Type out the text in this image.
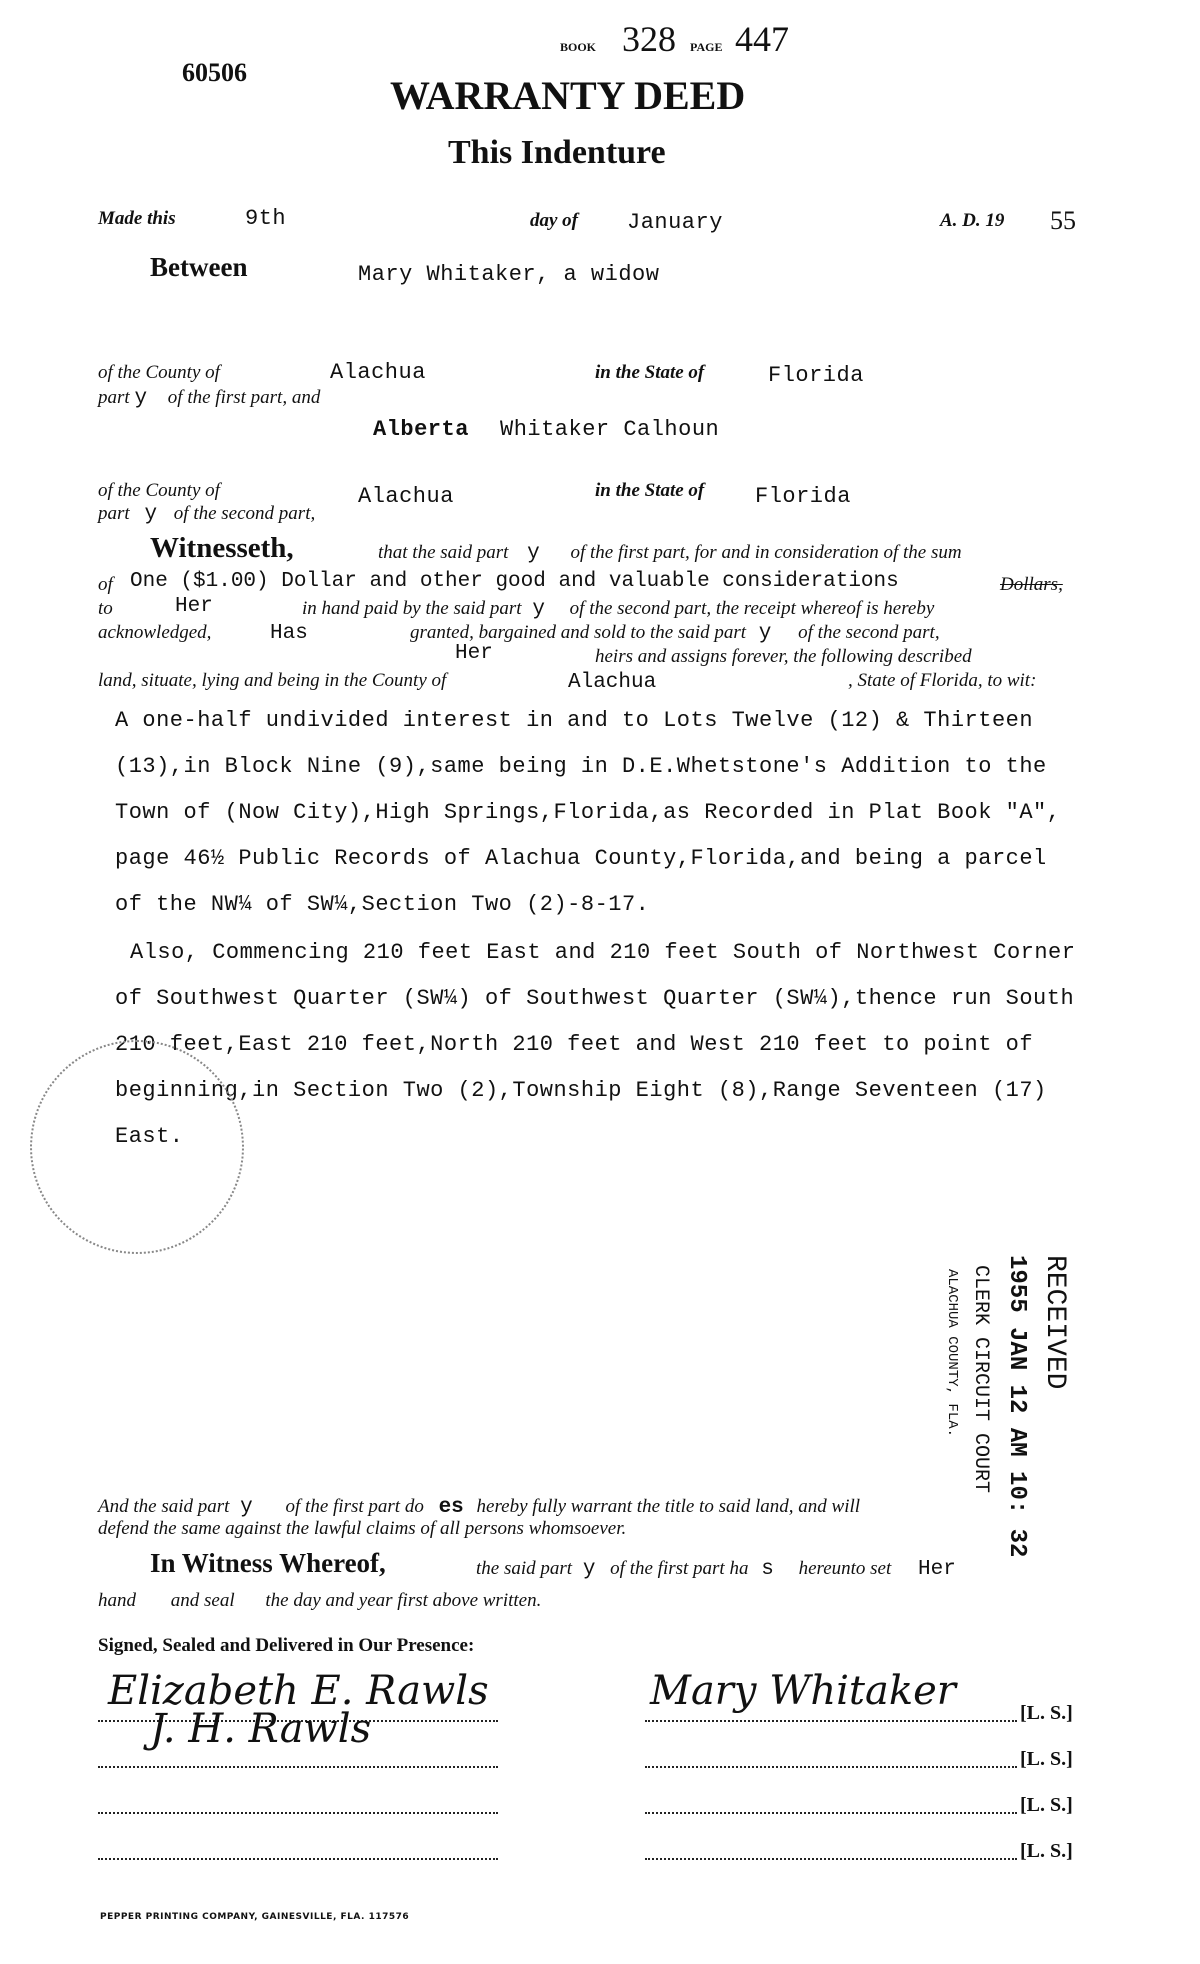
60506
BOOK 328 PAGE 447
WARRANTY DEED
This Indenture
Made this	9th	day of January	A. D. 19 55
Between	Mary Whitaker, a widow
of the County of	Alachua	in the State of	Florida
part y of the first part, and
Alberta Whitaker Calhoun
of the County of	Alachua	in the State of Florida
part y of the second part,
Witnesseth,	that the said part y of the first part, for and in consideration of the sum
of One ($1.00) Dollar and other good and valuable considerations	Dollars,
to	Her	in hand paid by the said part y of the second part, the receipt whereof is hereby
acknowledged,	Has	granted, bargained and sold to the said part y of the second part,
Her	heirs and assigns forever, the following described
land, situate, lying and being in the County of	Alachua	, State of Florida, to wit:
A one-half undivided interest in and to Lots Twelve (12) & Thirteen
(13),in Block Nine (9),same being in D.E.Whetstone's Addition to the
Town of (Now City),High Springs,Florida,as Recorded in Plat Book "A",
page 46½ Public Records of Alachua County,Florida,and being a parcel
of the NW¼ of SW¼,Section Two (2)-8-17.
Also, Commencing 210 feet East and 210 feet South of Northwest Corner
of Southwest Quarter (SW¼) of Southwest Quarter (SW¼),thence run South
210 feet,East 210 feet,North 210 feet and West 210 feet to point of
beginning,in Section Two (2),Township Eight (8),Range Seventeen (17)
East.
RECEIVED
1955 JAN 12 AM 10: 32
CLERK CIRCUIT COURT
ALACHUA COUNTY, FLA.
And the said part y of the first part do es hereby fully warrant the title to said land, and will
defend the same against the lawful claims of all persons whomsoever.
In Witness Whereof,	the said part y of the first part ha s hereunto set Her
hand and seal the day and year first above written.
Signed, Sealed and Delivered in Our Presence:
Elizabeth E. Rawls
J. H. Rawls
Mary Whitaker	[L. S.]
[L. S.]
[L. S.]
[L. S.]
PEPPER PRINTING COMPANY, GAINESVILLE, FLA. 117576
